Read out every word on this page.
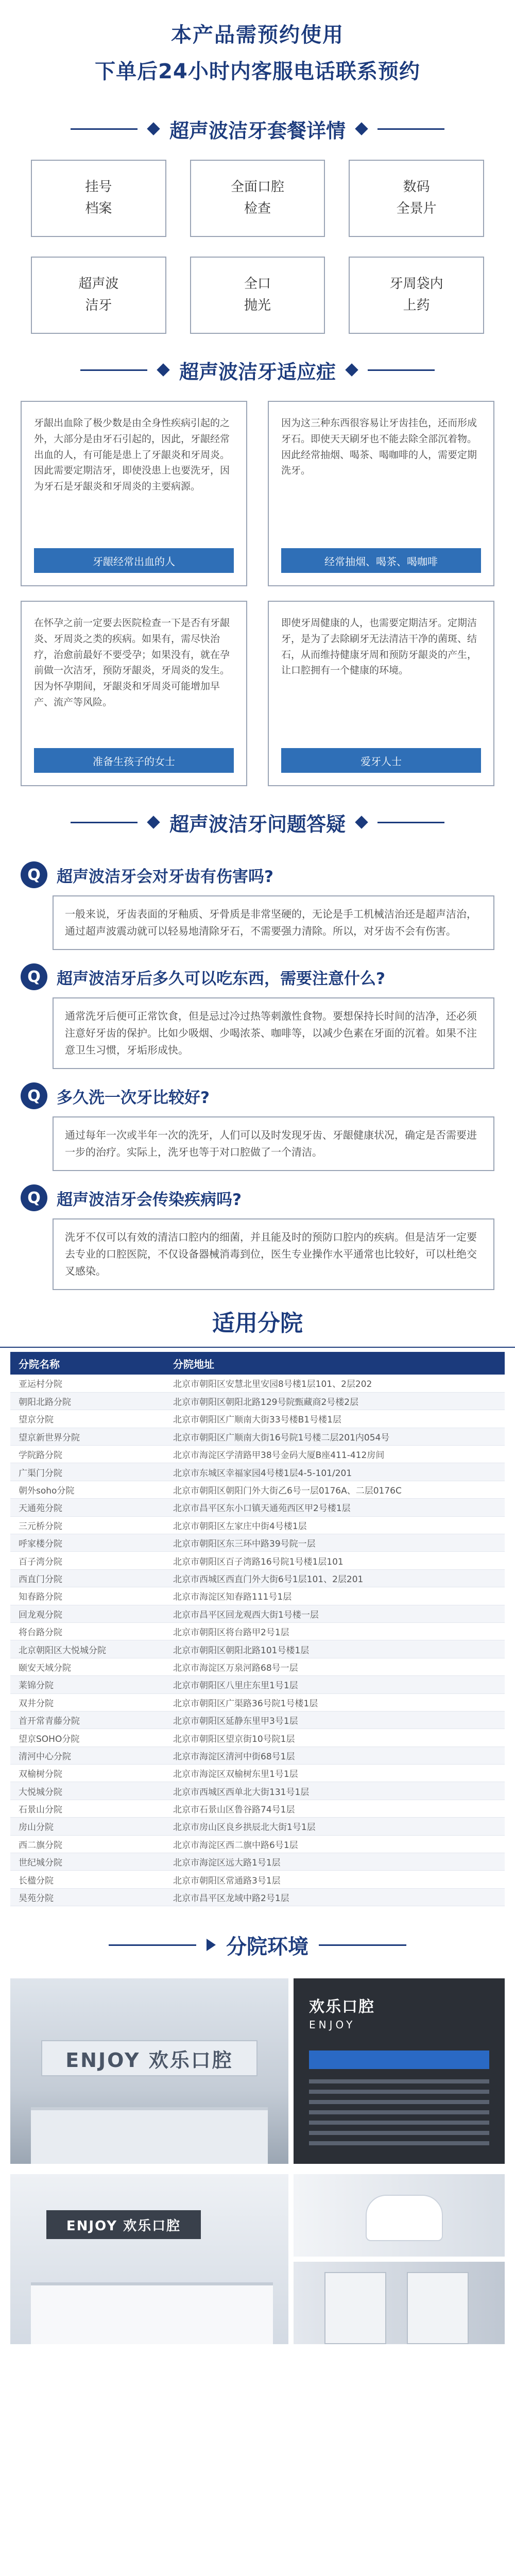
本产品需预约使用
下单后24小时内客服电话联系预约
超声波洁牙套餐详情
挂号
档案
全面口腔
检查
数码
全景片
超声波
洁牙
全口
抛光
牙周袋内
上药
超声波洁牙适应症

牙龈出血除了极少数是由全身性疾病引起的之外，大部分是由牙石引起的，因此，牙龈经常出血的人，有可能是患上了牙龈炎和牙周炎。因此需要定期洁牙，即使没患上也要洗牙，因为牙石是牙龈炎和牙周炎的主要病源。

牙龈经常出血的人

因为这三种东西很容易让牙齿挂色，还而形成牙石。即使天天刷牙也不能去除全部沉着物。因此经常抽烟、喝茶、喝咖啡的人，需要定期洗牙。

经常抽烟、喝茶、喝咖啡

在怀孕之前一定要去医院检查一下是否有牙龈炎、牙周炎之类的疾病。如果有，需尽快治疗，治愈前最好不要受孕；如果没有，就在孕前做一次洁牙，预防牙龈炎，牙周炎的发生。因为怀孕期间，牙龈炎和牙周炎可能增加早产、流产等风险。

准备生孩子的女士

即使牙周健康的人，也需要定期洁牙。定期洁牙，是为了去除刷牙无法清洁干净的菌斑、结石，从而维持健康牙周和预防牙龈炎的产生，让口腔拥有一个健康的环境。

爱牙人士
超声波洁牙问题答疑
Q	超声波洁牙会对牙齿有伤害吗?
一般来说，牙齿表面的牙釉质、牙骨质是非常坚硬的，无论是手工机械洁治还是超声洁治，通过超声波震动就可以轻易地清除牙石，不需要强力清除。所以，对牙齿不会有伤害。
Q	超声波洁牙后多久可以吃东西，需要注意什么?
通常洗牙后便可正常饮食，但是忌过冷过热等刺激性食物。要想保持长时间的洁净，还必须注意好牙齿的保护。比如少吸烟、少喝浓茶、咖啡等，以减少色素在牙面的沉着。如果不注意卫生习惯，牙垢形成快。
Q	多久洗一次牙比较好?
通过每年一次或半年一次的洗牙，人们可以及时发现牙齿、牙龈健康状况，确定是否需要进一步的治疗。实际上，洗牙也等于对口腔做了一个清洁。
Q	超声波洁牙会传染疾病吗?
洗牙不仅可以有效的清洁口腔内的细菌，并且能及时的预防口腔内的疾病。但是洁牙一定要去专业的口腔医院，不仅设备器械消毒到位，医生专业操作水平通常也比较好，可以杜绝交叉感染。
适用分院
分院名称	分院地址
亚运村分院	北京市朝阳区安慧北里安园8号楼1层101、2层202
朝阳北路分院	北京市朝阳区朝阳北路129号院甄藏商2号楼2层
望京分院	北京市朝阳区广顺南大街33号楼B1号楼1层
望京新世界分院	北京市朝阳区广顺南大街16号院1号楼二层201内054号
学院路分院	北京市海淀区学清路甲38号金码大厦B座411-412房间
广渠门分院	北京市东城区幸福家园4号楼1层4-5-101/201
朝外soho分院	北京市朝阳区朝阳门外大街乙6号一层0176A、二层0176C
天通苑分院	北京市昌平区东小口镇天通苑西区甲2号楼1层
三元桥分院	北京市朝阳区左家庄中街4号楼1层
呼家楼分院	北京市朝阳区东三环中路39号院一层
百子湾分院	北京市朝阳区百子湾路16号院1号楼1层101
西直门分院	北京市西城区西直门外大街6号1层101、2层201
知春路分院	北京市海淀区知春路111号1层
回龙观分院	北京市昌平区回龙观西大街1号楼一层
将台路分院	北京市朝阳区将台路甲2号1层
北京朝阳区大悦城分院	北京市朝阳区朝阳北路101号楼1层
颐安天域分院	北京市海淀区万泉河路68号一层
莱锦分院	北京市朝阳区八里庄东里1号1层
双井分院	北京市朝阳区广渠路36号院1号楼1层
首开常青藤分院	北京市朝阳区延静东里甲3号1层
望京SOHO分院	北京市朝阳区望京街10号院1层
清河中心分院	北京市海淀区清河中街68号1层
双榆树分院	北京市海淀区双榆树东里1号1层
大悦城分院	北京市西城区西单北大街131号1层
石景山分院	北京市石景山区鲁谷路74号1层
房山分院	北京市房山区良乡拱辰北大街1号1层
西二旗分院	北京市海淀区西二旗中路6号1层
世纪城分院	北京市海淀区远大路1号1层
长楹分院	北京市朝阳区常通路3号1层
昊苑分院	北京市昌平区龙域中路2号1层
分院环境
ENJOY 欢乐口腔
欢乐口腔
ENJOY
ENJOY 欢乐口腔
